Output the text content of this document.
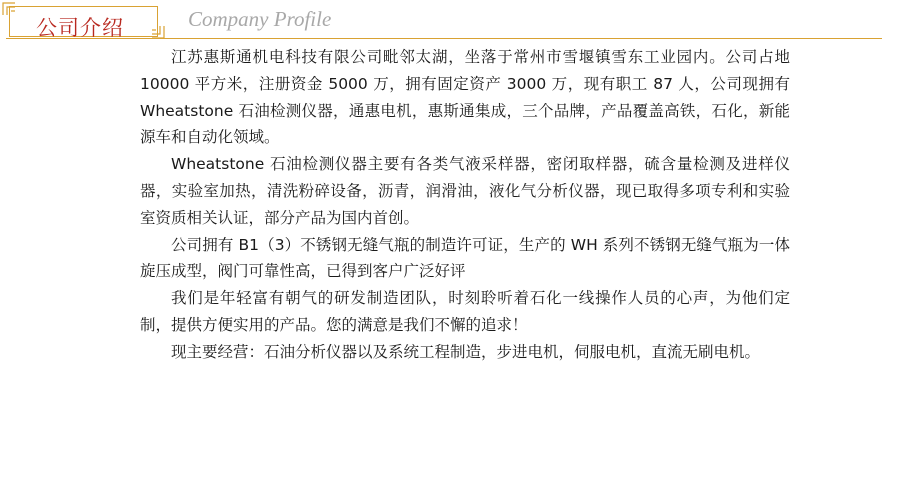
公司介绍	Company Profile

江苏惠斯通机电科技有限公司毗邻太湖，坐落于常州市雪堰镇雪东工业园内。公司占地 10000 平方米，注册资金 5000 万，拥有固定资产 3000 万，现有职工 87 人，公司现拥有 Wheatstone 石油检测仪器，通惠电机，惠斯通集成，三个品牌，产品覆盖高铁，石化，新能源车和自动化领域。

Wheatstone 石油检测仪器主要有各类气液采样器，密闭取样器，硫含量检测及进样仪器，实验室加热，清洗粉碎设备，沥青，润滑油，液化气分析仪器，现已取得多项专利和实验室资质相关认证，部分产品为国内首创。

公司拥有 B1（3）不锈钢无缝气瓶的制造许可证，生产的 WH 系列不锈钢无缝气瓶为一体旋压成型，阀门可靠性高，已得到客户广泛好评

我们是年轻富有朝气的研发制造团队，时刻聆听着石化一线操作人员的心声，为他们定制，提供方便实用的产品。您的满意是我们不懈的追求！

现主要经营：石油分析仪器以及系统工程制造，步进电机，伺服电机，直流无刷电机。
